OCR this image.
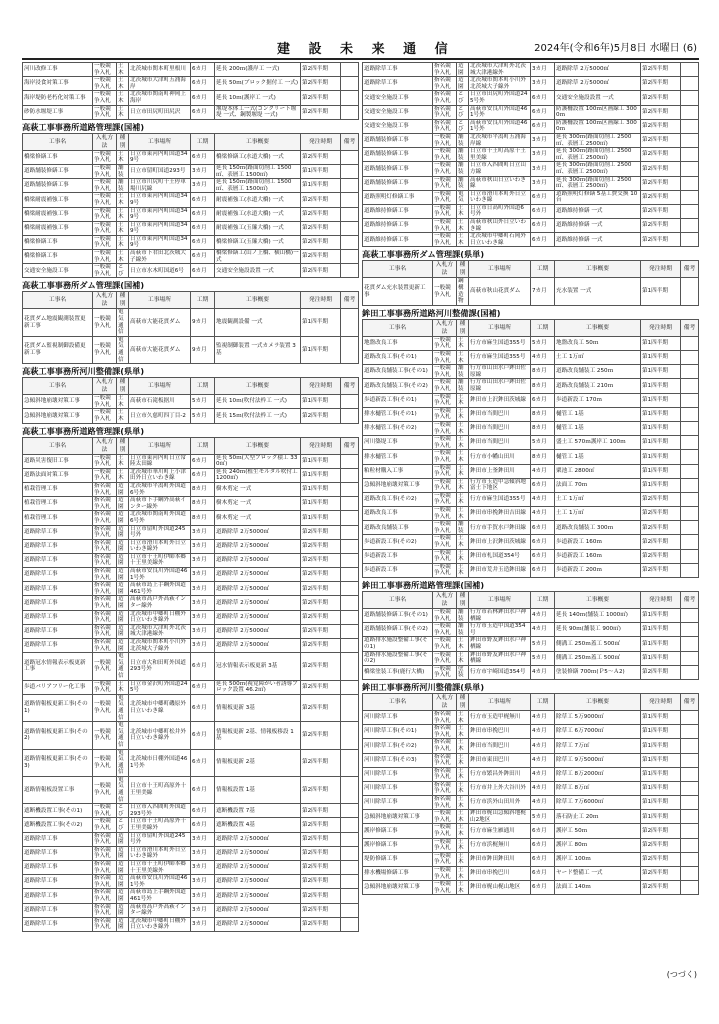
建 設 未 来 通 信	2024年(令和6年)5月8日 水曜日 (6)
河川改修工事	一般競争入札	土木	北茨城市関本町里根川	6カ月	延長 200ｍ(護岸工 一式)	第2四半期	
海岸浸食対策工事	一般競争入札	土木	北茨城市大津町五浦海岸	6カ月	延長 50ｍ(ブロック据付工 一式)	第2四半期	
海岸堤防老朽化対策工事	一般競争入札	土木	北茨城市関南町神岡上海岸	6カ月	延長 10ｍ(護岸工 一式)	第2四半期	
砂防水堰堤工事	一般競争入札	土木	日立市田尻町田尻沢	6カ月	堰堤本体工一式(コンクリート堰堤 一式、鋼製堰堤 一式)	第2四半期	
高萩工事事務所道路管理課(国補)
工事名	入札方法	種別	工事場所	工期	工事概要	発注時期	備考
橋梁修繕工事	一般競争入札	土木	日立市東河内町国道349号	6カ月	橋梁修繕工(水道大橋) 一式	第2四半期	
道路舗装修繕工事	一般競争入札	舗装	日立市留町国道293号	3カ月	延長 150ｍ(路面切削工 1500㎡、表層工 1500㎡)	第1四半期	
道路舗装修繕工事	一般競争入札	舗装	日立市川尻町十王停車場川尻線	3カ月	延長 150ｍ(路面切削工 1500㎡、表層工 1500㎡)	第1四半期	
橋梁耐震補強工事	一般競争入札	土木	日立市東河内町国道349号	6カ月	耐震補強工(水道大橋) 一式	第2四半期	
橋梁耐震補強工事	一般競争入札	土木	日立市東河内町国道349号	6カ月	耐震補強工(水道大橋) 一式	第2四半期	
橋梁耐震補強工事	一般競争入札	土木	日立市東河内町国道349号	6カ月	耐震補強工(玉簾大橋) 一式	第2四半期	
橋梁修繕工事	一般競争入札	土木	日立市東河内町国道349号	6カ月	橋梁修繕工(玉簾大橋) 一式	第2四半期	
橋梁修繕工事	一般競争入札	土木	高萩市下君田北茨城大子線外	6カ月	橋梁修繕工(山ノ上橋、横山橋)一式	第2四半期	
交通安全施設工事	一般競争入札	とび	日立市水木町国道6号	6カ月	交通安全施設設置 一式	第2四半期	
高萩工事事務所ダム管理課(国補)
工事名	入札方法	種別	工事場所	工期	工事概要	発注時期	備考
花貫ダム地震観測装置更新工事	一般競争入札	電気通信	高萩市大能花貫ダム	9カ月	地震観測設備 一式	第1四半期	
花貫ダム監視制御設備更新工事	一般競争入札	電気通信	高萩市大能花貫ダム	9カ月	監視制御装置 一式カメラ装置 3基	第1四半期	
高萩工事事務所河川整備課(県単)
工事名	入札方法	種別	工事場所	工期	工事概要	発注時期	備考
急傾斜地崩壊対策工事	一般競争入札	土木	高萩市石滝板据川	5カ月	延長 10ｍ(吹付法枠工 一式)	第1四半期	
急傾斜地崩壊対策工事	一般競争入札	土木	日立市久慈町四丁目-2	5カ月	延長 15ｍ(吹付法枠工 一式)	第2四半期	
高萩工事事務所道路管理課(県単)
工事名	入札方法	種別	工事場所	工期	工事概要	発注時期	備考
道路災害復旧工事	一般競争入札	土木	日立市東河内町日立常陸太田線	6カ月	延長 50ｍ(大型ブロック積工 330㎡)	第1四半期	
道路法面対策工事	一般競争入札	土木	北茨城市華川町上小津田外日立いわき線	6カ月	延長 240ｍ(植生モルタル吹付工 1200㎡)	第1四半期	
植栽管理工事	指名競争入札	造園	北茨城市平潟町外国道6号外	8カ月	樹木剪定 一式	第1四半期	
植栽管理工事	指名競争入札	造園	高萩市下手綱外高萩インター線外	8カ月	樹木剪定 一式	第1四半期	
植栽管理工事	指名競争入札	造園	北茨城市関南町外国道6号外	8カ月	樹木剪定 一式	第1四半期	
道路除草工事	指名競争入札	造園	日立市留町外国道245号外	3カ月	道路除草 2万5000㎡	第2四半期	
道路除草工事	指名競争入札	造園	日立市滑川本町外日立いわき線外	3カ月	道路除草 2万5000㎡	第2四半期	
道路除草工事	指名競争入札	造園	日立市十王町伊師本郷十王里美線外	3カ月	道路除草 2万5000㎡	第2四半期	
道路除草工事	指名競争入札	造園	高萩市安良川外国道461号外	3カ月	道路除草 2万5000㎡	第2四半期	
道路除草工事	指名競争入札	造園	高萩市島上手綱外国道461号外	3カ月	道路除草 2万5000㎡	第2四半期	
道路除草工事	指名競争入札	造園	高萩市高戸外高萩インター線外	3カ月	道路除草 2万5000㎡	第2四半期	
道路除草工事	指名競争入札	造園	北茨城市中郷町日棚外日立いわき線外	3カ月	道路除草 2万5000㎡	第2四半期	
道路除草工事	指名競争入札	造園	北茨城市大津町外北茨城大津港線外	3カ月	道路除草 2万5000㎡	第2四半期	
道路除草工事	指名競争入札	造園	北茨城市関本町小川外北茨城大子線外	3カ月	道路除草 2万5000㎡	第2四半期	
道路冠水情報表示板更新工事	一般競争入札	電気通信	日立市大和田町外国道293号外	6カ月	冠水情報表示板更新 3基	第2四半期	
歩道バリアフリー化工事	一般競争入札	土木	日立市金沢町外国道245号	6カ月	延長 500ｍ(視覚障がい者誘導ブロック設置 46.2㎡)	第2四半期	
道路情報板更新工事(その1)	一般競争入札	電気通信	北茨城市中郷町磯原外日立いわき線	6カ月	情報板更新 3基	第2四半期	
道路情報板更新工事(その2)	一般競争入札	電気通信	北茨城市中郷町松井外日立いわき線外	6カ月	情報板更新 2基、情報板移設 1基	第2四半期	
道路情報板更新工事(その3)	一般競争入札	電気通信	北茨城市日棚外国道461号外	6カ月	情報板更新 2基	第2四半期	
道路情報板設置工事	一般競争入札	電気通信	日立市十王町高原外十王里美線	6カ月	情報板設置 1基	第2四半期	
遮断機設置工事(その1)	一般競争入札	とび	日立市入四間町外国道293号外	6カ月	遮断機設置 7基	第2四半期	
遮断機設置工事(その2)	一般競争入札	とび	日立市十王町高原外十王里美線外	6カ月	遮断機設置 4基	第2四半期	
道路除草工事	指名競争入札	造園	日立市留町外国道245号外	3カ月	道路除草 2万5000㎡	第2四半期	
道路除草工事	指名競争入札	造園	日立市滑川本町外日立いわき線外	3カ月	道路除草 2万5000㎡	第2四半期	
道路除草工事	指名競争入札	造園	日立市十王町伊師本郷十王里美線外	3カ月	道路除草 2万5000㎡	第2四半期	
道路除草工事	指名競争入札	造園	高萩市安良川外国道461号外	3カ月	道路除草 2万5000㎡	第2四半期	
道路除草工事	指名競争入札	造園	高萩市島上手綱外国道461号外	3カ月	道路除草 2万5000㎡	第2四半期	
道路除草工事	指名競争入札	造園	高萩市高戸外高萩インター線外	3カ月	道路除草 2万5000㎡	第2四半期	
道路除草工事	指名競争入札	造園	北茨城市中郷町日棚外日立いわき線外	3カ月	道路除草 2万5000㎡	第2四半期	
道路除草工事	指名競争入札	造園	北茨城市大津町外北茨城大津港線外	3カ月	道路除草 2万5000㎡	第2四半期	
道路除草工事	指名競争入札	造園	北茨城市関本町小川外北茨城大子線外	3カ月	道路除草 2万5000㎡	第2四半期	
交通安全施設工事	指名競争入札	とび	日立市田尻町外国道245号外	6カ月	交通安全施設設置 一式	第2四半期	
交通安全施設工事	指名競争入札	とび	高萩市安良川外国道461号外	6カ月	防護柵設置 100ｍ区画線工 3000ｍ	第2四半期	
交通安全施設工事	指名競争入札	とび	高萩市安良川外国道461号外	6カ月	防護柵設置 100ｍ区画線工 3000ｍ	第2四半期	
道路舗装修繕工事	一般競争入札	舗装	北茨城市平潟町五浦海岸線	3カ月	延長 300ｍ(路面切削工 2500㎡、表層工 2500㎡)	第2四半期	
道路舗装修繕工事	一般競争入札	舗装	日立市十王町高原十王里美線	3カ月	延長 300ｍ(路面切削工 2500㎡、表層工 2500㎡)	第2四半期	
道路舗装修繕工事	一般競争入札	舗装	日立市入四間町日立山方線	3カ月	延長 300ｍ(路面切削工 2500㎡、表層工 2500㎡)	第2四半期	
道路舗装修繕工事	一般競争入札	舗装	高萩市秋山日立いわき線	3カ月	延長 300ｍ(路面切削工 2500㎡、表層工 2500㎡)	第2四半期	
道路照明灯修繕工事	一般競争入札	電気	日立市滑川本町外日立いわき線	6カ月	道路照明灯修繕 5基工費交換 10台	第2四半期	
道路維持修繕工事	一般競争入札	土木	日立市日高町外国道6号外	6カ月	道路維持修繕 一式	第2四半期	
道路維持修繕工事	一般競争入札	土木	高萩市秋山外日立いわき線	6カ月	道路維持修繕 一式	第2四半期	
道路維持修繕工事	一般競争入札	土木	北茨城市中郷町石岡外日立いわき線	6カ月	道路維持修繕 一式	第2四半期	
高萩工事事務所ダム管理課(県単)
工事名	入札方法	種別	工事場所	工期	工事概要	発注時期	備考
花貫ダム充水装置更新工事	一般競争入札	鋼構造物	高萩市秋山花貫ダム	7カ月	充水装置 一式	第1四半期	
鉾田工事事務所道路河川整備課(国補)
工事名	入札方法	種別	工事場所	工期	工事概要	発注時期	備考
地盤改良工事	一般競争入札	土木	行方市麻生国道355号	5カ月	地盤改良工 50ｍ	第1四半期	
道路改良工事(その1)	一般競争入札	土木	行方市麻生国道355号	4カ月	土工 1万㎥	第1四半期	
道路改良舗装工事(その1)	一般競争入札	舗装	行方市山田水戸鉾田佐原線	8カ月	道路改良舗装工 250ｍ	第1四半期	
道路改良舗装工事(その2)	一般競争入札	舗装	行方市山田水戸鉾田佐原線	8カ月	道路改良舗装工 210ｍ	第1四半期	
歩道新設工事(その1)	一般競争入札	土木	鉾田市上沢鉾田茨城線	6カ月	歩道新設工 170ｍ	第1四半期	
排水樋管工事(その1)	一般競争入札	土木	鉾田市当間巴川	8カ月	樋管工 1基	第1四半期	
排水樋管工事(その2)	一般競争入札	土木	鉾田市当間巴川	8カ月	樋管工 1基	第1四半期	
河川築堤工事	一般競争入札	土木	鉾田市当間巴川	5カ月	盛土工 570ｍ護岸工 100ｍ	第1四半期	
排水樋管工事	一般競争入札	土木	行方市小幡山田川	8カ月	樋管工 1基	第1四半期	
粕粒材購入工事	一般競争入札	土木	鉾田市上釜鉾田川	4カ月	粟池工 2800㎡	第1四半期	
急傾斜地崩壊対策工事	一般競争入札	土木	行方市玉造甲急傾斜地富士下地区	6カ月	法面工 70ｍ	第1四半期	
道路改良工事(その2)	一般競争入札	土木	行方市麻生国道355号	4カ月	土工 1万㎥	第2四半期	
道路改良工事	一般競争入札	土木	鉾田市串挽鉾田吉田線	4カ月	土工 1万㎥	第2四半期	
道路改良舗装工事	一般競争入札	舗装	行方市手賀水戸鉾田線	6カ月	道路改良舗装工 300ｍ	第2四半期	
歩道新設工事(その2)	一般競争入札	土木	鉾田市上沢鉾田茨城線	6カ月	歩道新設工 160ｍ	第2四半期	
歩道新設工事	一般競争入札	土木	鉾田市札国道354号	6カ月	歩道新設工 160ｍ	第2四半期	
歩道新設工事	一般競争入札	土木	鉾田市荒井玉造鉾田線	6カ月	歩道新設工 200ｍ	第2四半期	
鉾田工事事務所道路管理課(国補)
工事名	入札方法	種別	工事場所	工期	工事概要	発注時期	備考
道路舗装修繕工事(その1)	一般競争入札	舗装	行方市若林鉾田水戸神栖線	4カ月	延長 140ｍ(舗装工 1000㎡)	第1四半期	
道路舗装修繕工事(その2)	一般競争入札	舗装	行方市玉造甲国道354号	4カ月	延長 90ｍ(舗装工 900㎡)	第1四半期	
道路排水施設整備工事(その1)	一般競争入札	土木	鉾田市野友鉾田水戸神栖線	5カ月	側溝工 250ｍ蓋工 500㎡	第1四半期	
道路排水施設整備工事(その2)	一般競争入札	土木	鉾田市野友鉾田水戸神栖線	5カ月	側溝工 250ｍ蓋工 500㎡	第1四半期	
橋梁塗装工事(鹿行大橋)	一般競争入札	塗装	行方市宇崎国道354号	4カ月	塗装修繕 700ｍ(Ｐ5～Ａ2)	第2四半期	
鉾田工事事務所河川整備課(県単)
工事名	入札方法	種別	工事場所	工期	工事概要	発注時期	備考
河川除草工事	指名競争入札	土木	行方市玉造甲梶無川	4カ月	除草工 5万9000㎡	第1四半期	
河川除草工事(その1)	指名競争入札	土木	鉾田市串挽巴川	4カ月	除草工 6万7000㎡	第1四半期	
河川除草工事(その2)	指名競争入札	土木	鉾田市当間巴川	4カ月	除草工 7万㎡	第1四半期	
河川除草工事(その3)	指名競争入札	土木	鉾田市東田巴川	4カ月	除草工 9万5000㎡	第1四半期	
河川除草工事	指名競争入札	土木	行方市繁昌外鉾田川	4カ月	除草工 8万2000㎡	第1四半期	
河川除草工事	指名競争入札	土木	行方市井上外大谷川外	4カ月	除草工 8万㎡	第1四半期	
河川除草工事	指名競争入札	土木	行方市浜外山田川外	4カ月	除草工 7万6000㎡	第1四半期	
急傾斜地崩壊対策工事	一般競争入札	土木	鉾田市梶山急傾斜地梶山2地区	5カ月	落石防止工 20ｍ	第1四半期	
護岸修繕工事	一般競争入札	土木	行方市麻生雁通川	6カ月	護岸工 50ｍ	第2四半期	
護岸修繕工事	一般競争入札	土木	行方市浜梶無川	6カ月	護岸工 80ｍ	第2四半期	
堤防修繕工事	一般競争入札	土木	鉾田市鉾田鉾田川	6カ月	護岸工 100ｍ	第2四半期	
排水機場修繕工事	一般競争入札	土木	鉾田市串挽巴川	6カ月	ヤード整備工 一式	第2四半期	
急傾斜地崩壊対策工事	一般競争入札	土木	鉾田市梶山梶山地区	6カ月	法面工 140ｍ	第2四半期	
(つづく)
